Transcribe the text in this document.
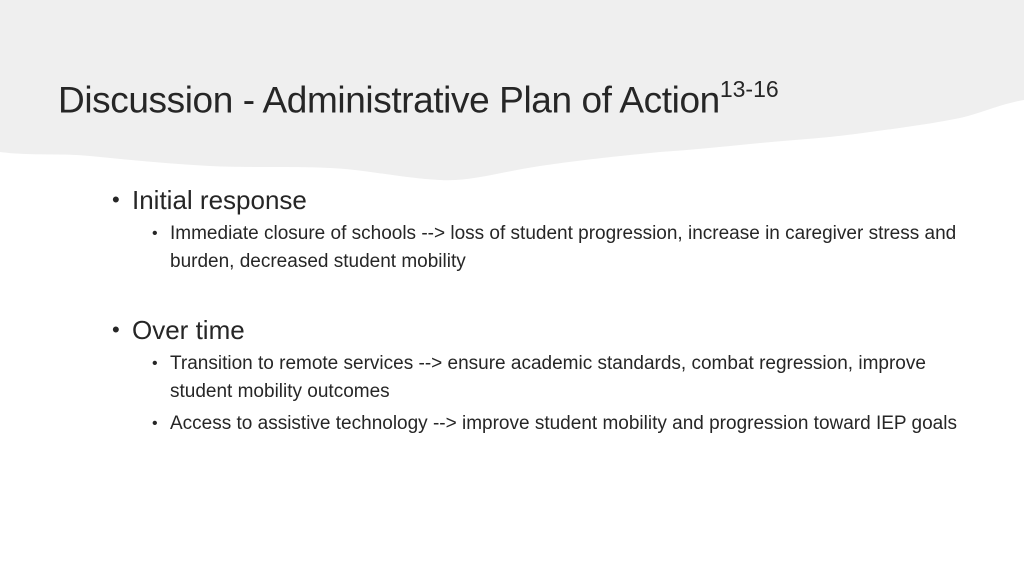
Discussion - Administrative Plan of Action$^{13-16}$
• Initial response
• Immediate closure of schools --> loss of student progression, increase in caregiver stress and burden, decreased student mobility
• Over time
• Transition to remote services --> ensure academic standards, combat regression, improve student mobility outcomes
• Access to assistive technology --> improve student mobility and progression toward IEP goals
